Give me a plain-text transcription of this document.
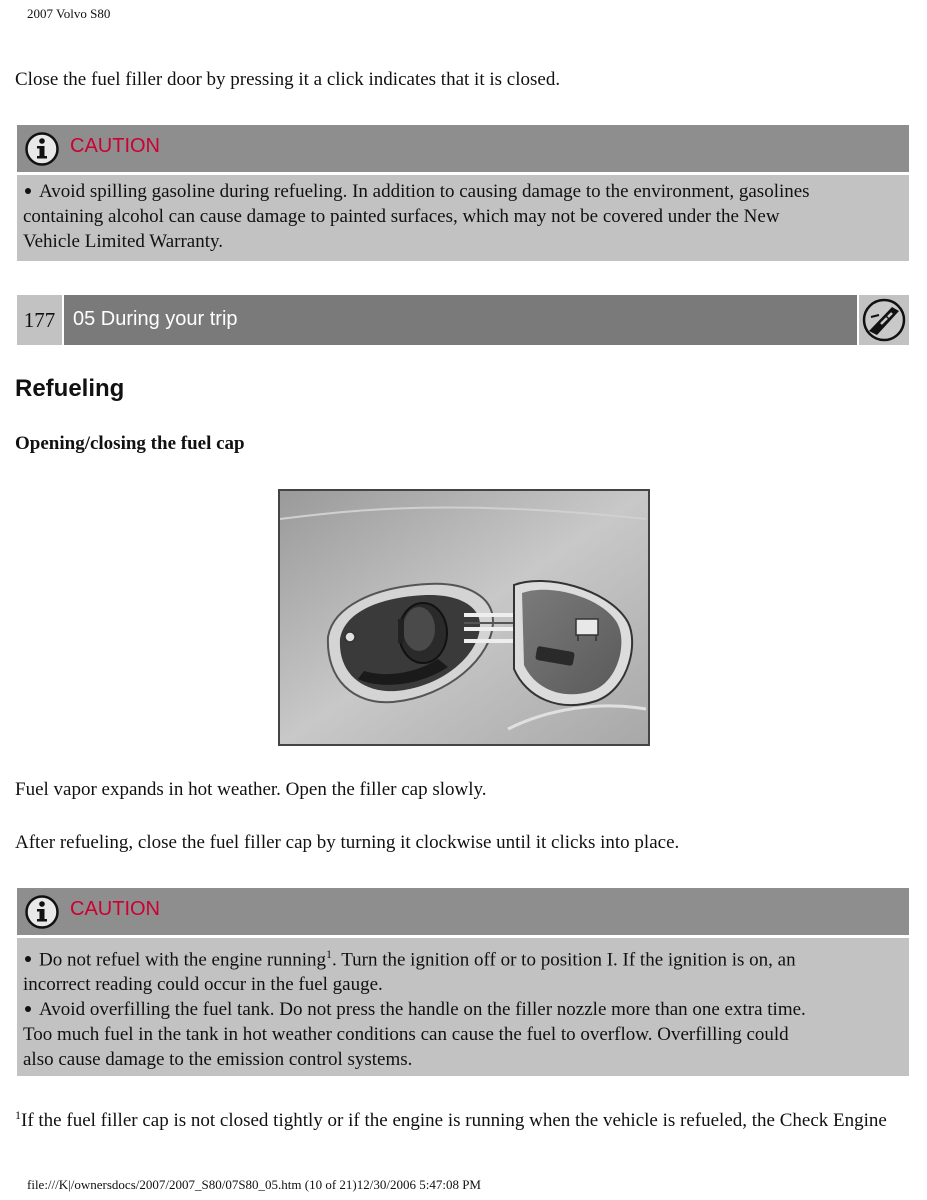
2007 Volvo S80
Close the fuel filler door by pressing it a click indicates that it is closed.
CAUTION
Avoid spilling gasoline during refueling. In addition to causing damage to the environment, gasolines
containing alcohol can cause damage to painted surfaces, which may not be covered under the New
Vehicle Limited Warranty.
177 05 During your trip
Refueling
Opening/closing the fuel cap
Fuel vapor expands in hot weather. Open the filler cap slowly.
After refueling, close the fuel filler cap by turning it clockwise until it clicks into place.
CAUTION
Do not refuel with the engine running$^1$. Turn the ignition off or to position I. If the ignition is on, an
incorrect reading could occur in the fuel gauge.
Avoid overfilling the fuel tank. Do not press the handle on the filler nozzle more than one extra time.
Too much fuel in the tank in hot weather conditions can cause the fuel to overflow. Overfilling could
also cause damage to the emission control systems.
$^1$If the fuel filler cap is not closed tightly or if the engine is running when the vehicle is refueled, the Check Engine
file:///K|/ownersdocs/2007/2007_S80/07S80_05.htm (10 of 21)12/30/2006 5:47:08 PM
